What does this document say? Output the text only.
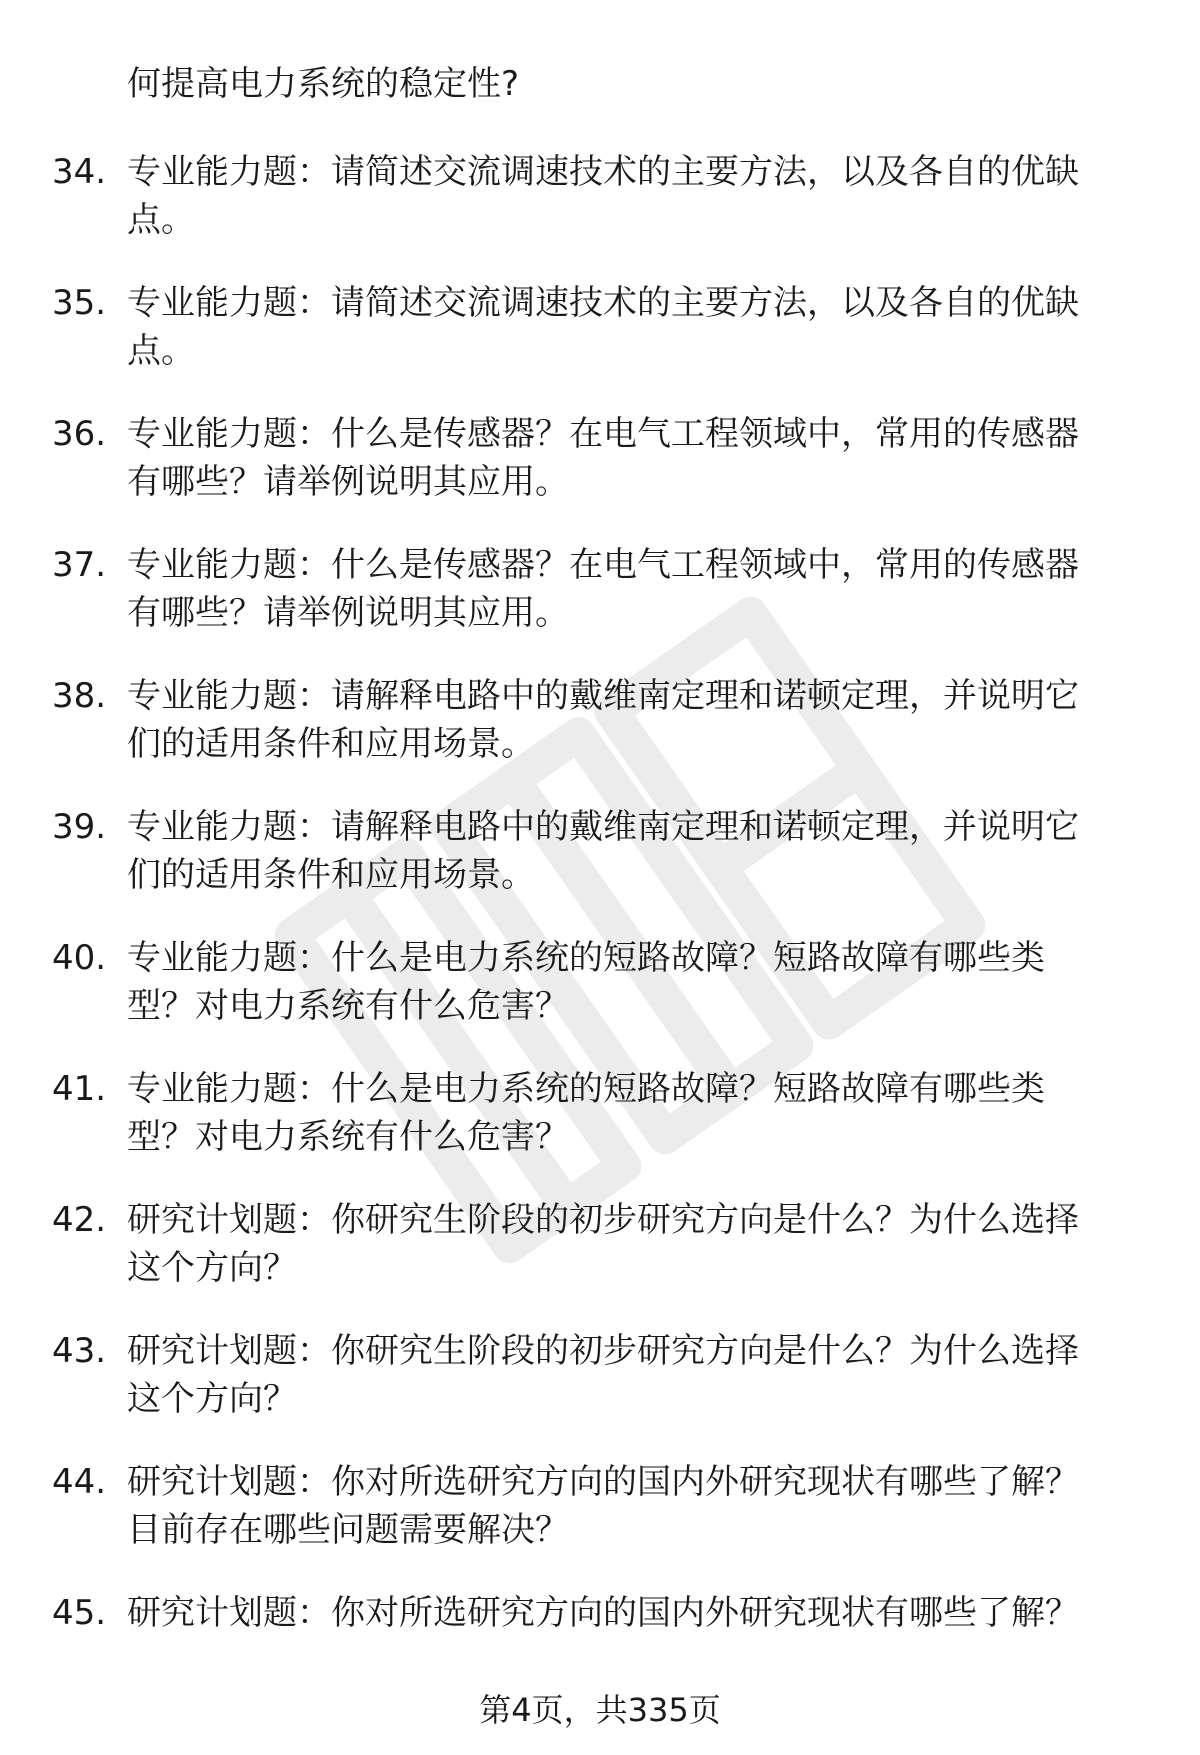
何提高电力系统的稳定性?
34. 专业能力题：请简述交流调速技术的主要方法，以及各自的优缺
点。
35. 专业能力题：请简述交流调速技术的主要方法，以及各自的优缺
点。
36. 专业能力题：什么是传感器？在电气工程领域中，常用的传感器
有哪些？请举例说明其应用。
37. 专业能力题：什么是传感器？在电气工程领域中，常用的传感器
有哪些？请举例说明其应用。
38. 专业能力题：请解释电路中的戴维南定理和诺顿定理，并说明它
们的适用条件和应用场景。
39. 专业能力题：请解释电路中的戴维南定理和诺顿定理，并说明它
们的适用条件和应用场景。
40. 专业能力题：什么是电力系统的短路故障？短路故障有哪些类
型？对电力系统有什么危害？
41. 专业能力题：什么是电力系统的短路故障？短路故障有哪些类
型？对电力系统有什么危害？
42. 研究计划题：你研究生阶段的初步研究方向是什么？为什么选择
这个方向？
43. 研究计划题：你研究生阶段的初步研究方向是什么？为什么选择
这个方向？
44. 研究计划题：你对所选研究方向的国内外研究现状有哪些了解？
目前存在哪些问题需要解决？
45. 研究计划题：你对所选研究方向的国内外研究现状有哪些了解？
第4页，共335页
